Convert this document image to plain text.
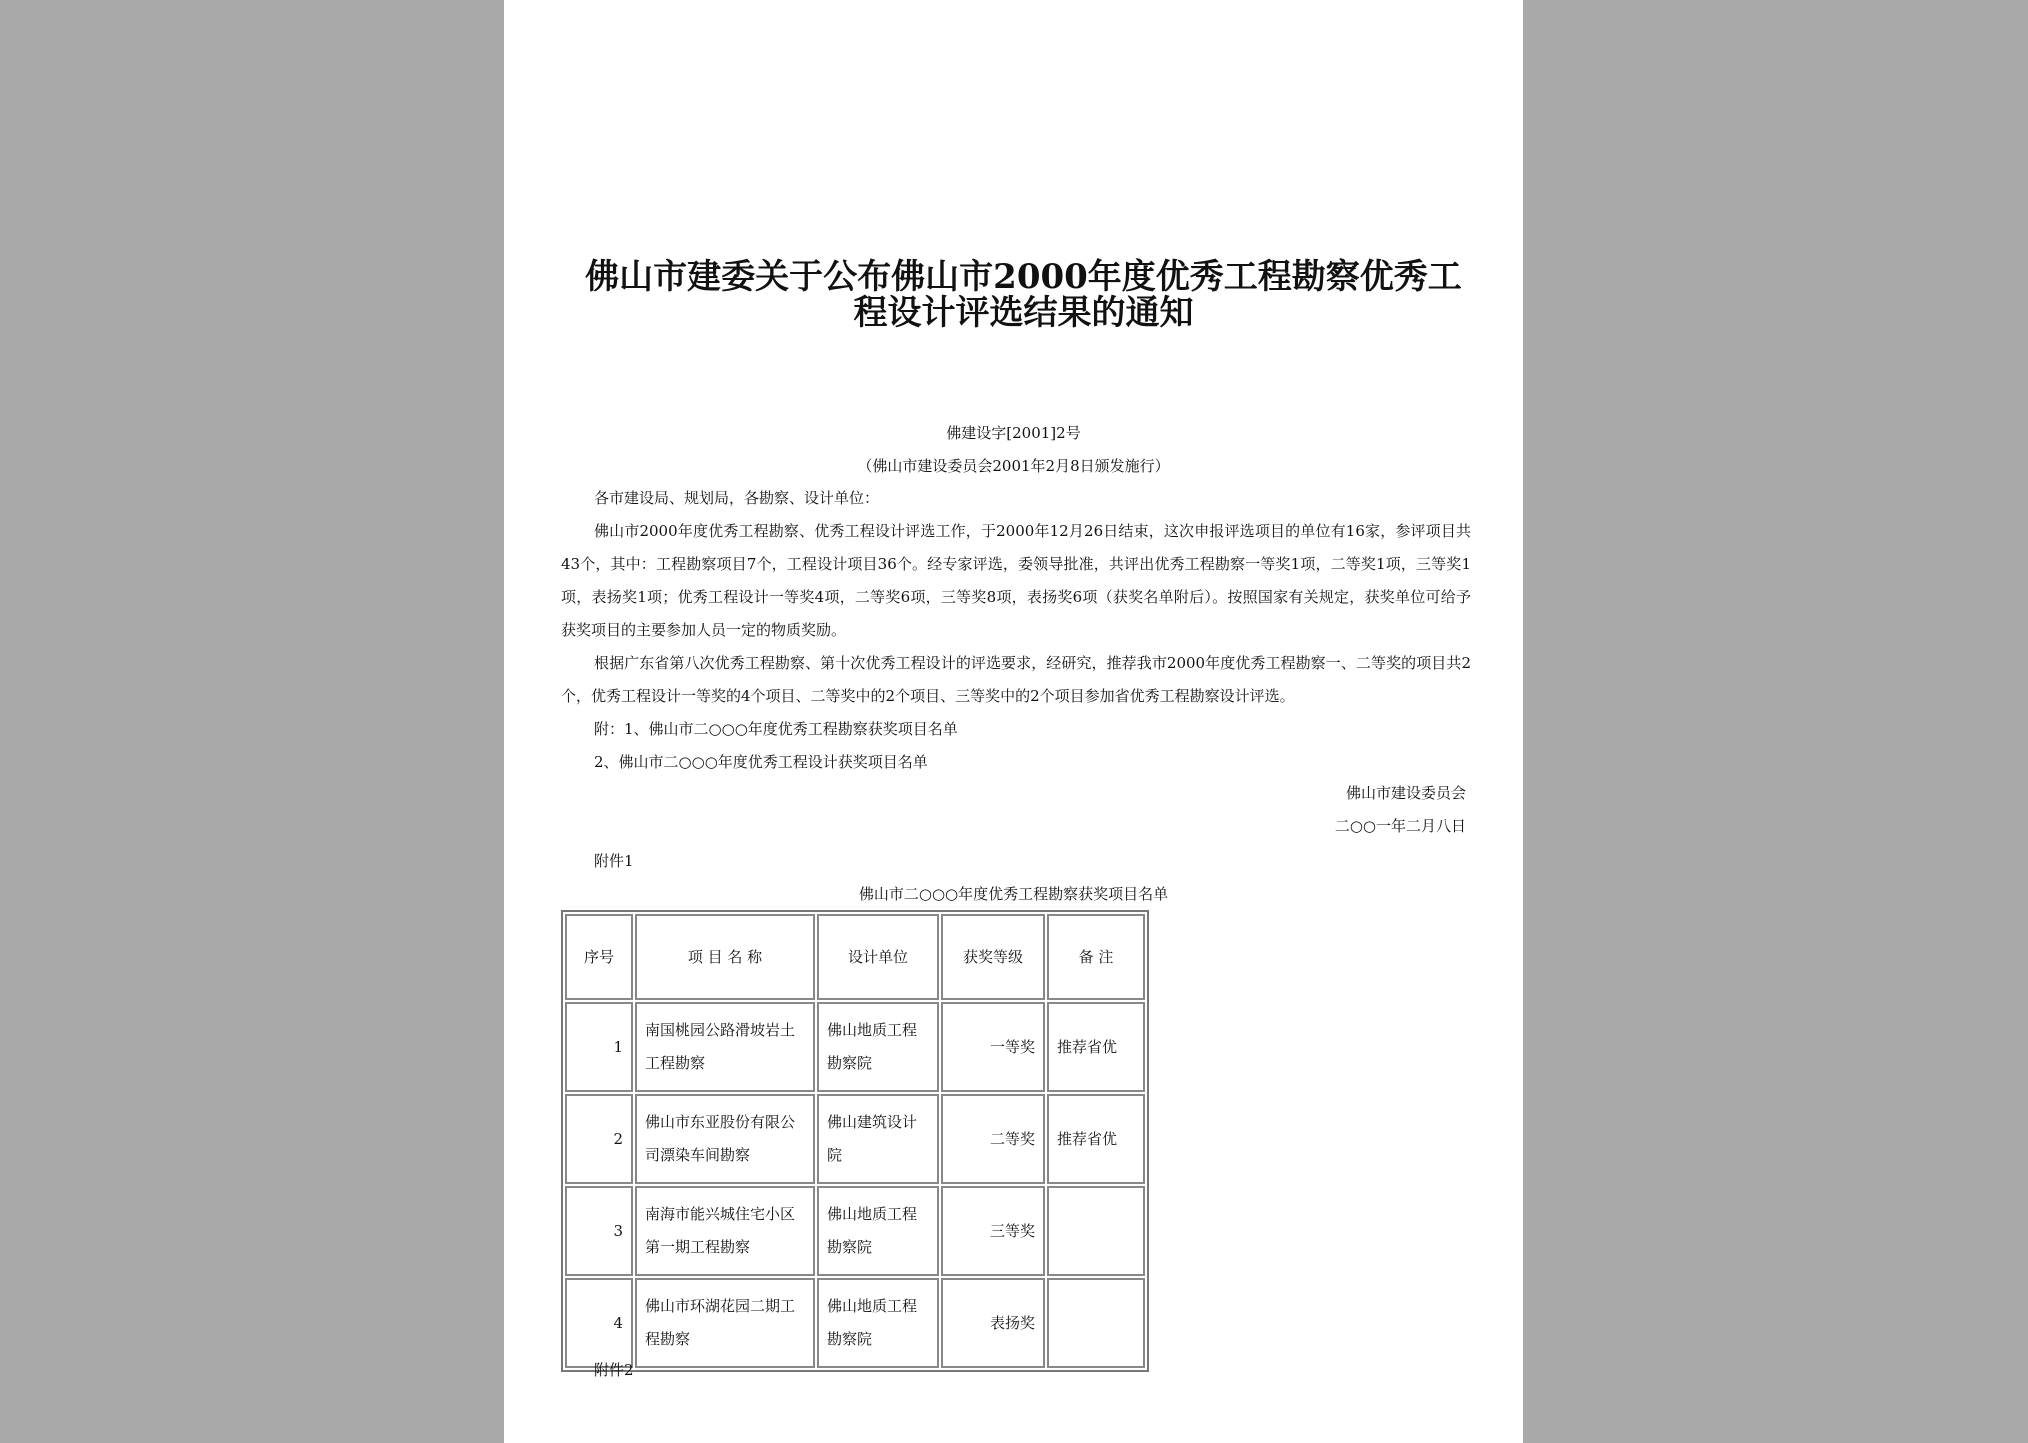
佛山市建委关于公布佛山市2000年度优秀工程勘察优秀工程设计评选结果的通知
佛建设字[2001]2号
（佛山市建设委员会2001年2月8日颁发施行）
各市建设局、规划局，各勘察、设计单位：
佛山市2000年度优秀工程勘察、优秀工程设计评选工作，于2000年12月26日结束，这次申报评选项目的单位有16家，参评项目共43个，其中：工程勘察项目7个，工程设计项目36个。经专家评选，委领导批准，共评出优秀工程勘察一等奖1项，二等奖1项，三等奖1项，表扬奖1项；优秀工程设计一等奖4项，二等奖6项，三等奖8项，表扬奖6项（获奖名单附后）。按照国家有关规定，获奖单位可给予获奖项目的主要参加人员一定的物质奖励。
根据广东省第八次优秀工程勘察、第十次优秀工程设计的评选要求，经研究，推荐我市2000年度优秀工程勘察一、二等奖的项目共2个，优秀工程设计一等奖的4个项目、二等奖中的2个项目、三等奖中的2个项目参加省优秀工程勘察设计评选。
附：1、佛山市二○○○年度优秀工程勘察获奖项目名单
2、佛山市二○○○年度优秀工程设计获奖项目名单
佛山市建设委员会
二○○一年二月八日
附件1
佛山市二○○○年度优秀工程勘察获奖项目名单
序号	项 目 名 称	设计单位	获奖等级	备 注
1	南国桃园公路滑坡岩土工程勘察	佛山地质工程勘察院	一等奖	推荐省优
2	佛山市东亚股份有限公司漂染车间勘察	佛山建筑设计院	二等奖	推荐省优
3	南海市能兴城住宅小区第一期工程勘察	佛山地质工程勘察院	三等奖	
4	佛山市环湖花园二期工程勘察	佛山地质工程勘察院	表扬奖	
附件2
